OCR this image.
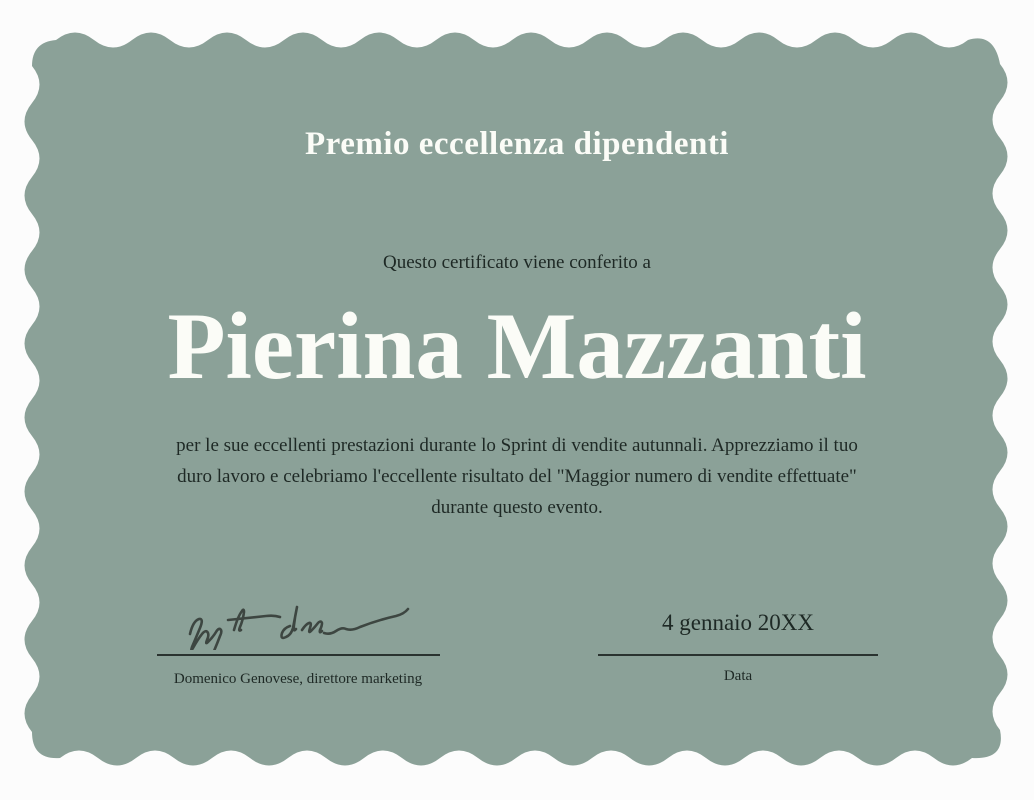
Premio eccellenza dipendenti
Questo certificato viene conferito a
Pierina Mazzanti
per le sue eccellenti prestazioni durante lo Sprint di vendite autunnali. Apprezziamo il tuo duro lavoro e celebriamo l'eccellente risultato del "Maggior numero di vendite effettuate" durante questo evento.
Domenico Genovese, direttore marketing
4 gennaio 20XX
Data
